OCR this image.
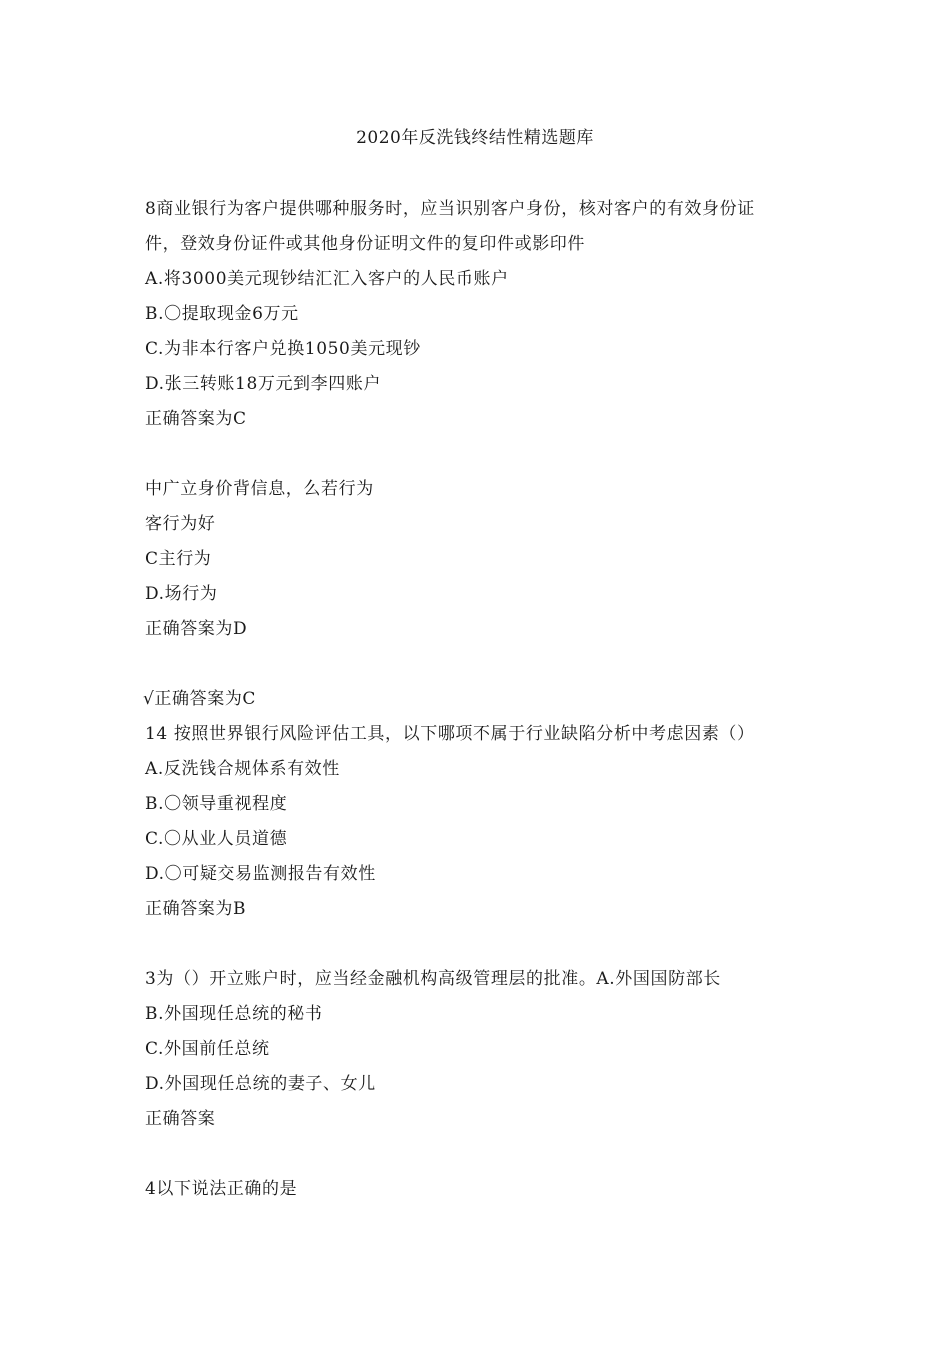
2020年反洗钱终结性精选题库
8商业银行为客户提供哪种服务时，应当识别客户身份，核对客户的有效身份证
件，登效身份证件或其他身份证明文件的复印件或影印件
A.将3000美元现钞结汇汇入客户的人民币账户
B.〇提取现金6万元
C.为非本行客户兑换1050美元现钞
D.张三转账18万元到李四账户
正确答案为C
中广立身价背信息，么若行为
客行为好
C主行为
D.场行为
正确答案为D
√正确答案为C
14 按照世界银行风险评估工具，以下哪项不属于行业缺陷分析中考虑因素（）
A.反洗钱合规体系有效性
B.〇领导重视程度
C.〇从业人员道德
D.〇可疑交易监测报告有效性
正确答案为B
3为（）开立账户时，应当经金融机构高级管理层的批准。A.外国国防部长
B.外国现任总统的秘书
C.外国前任总统
D.外国现任总统的妻子、女儿
正确答案
4以下说法正确的是
